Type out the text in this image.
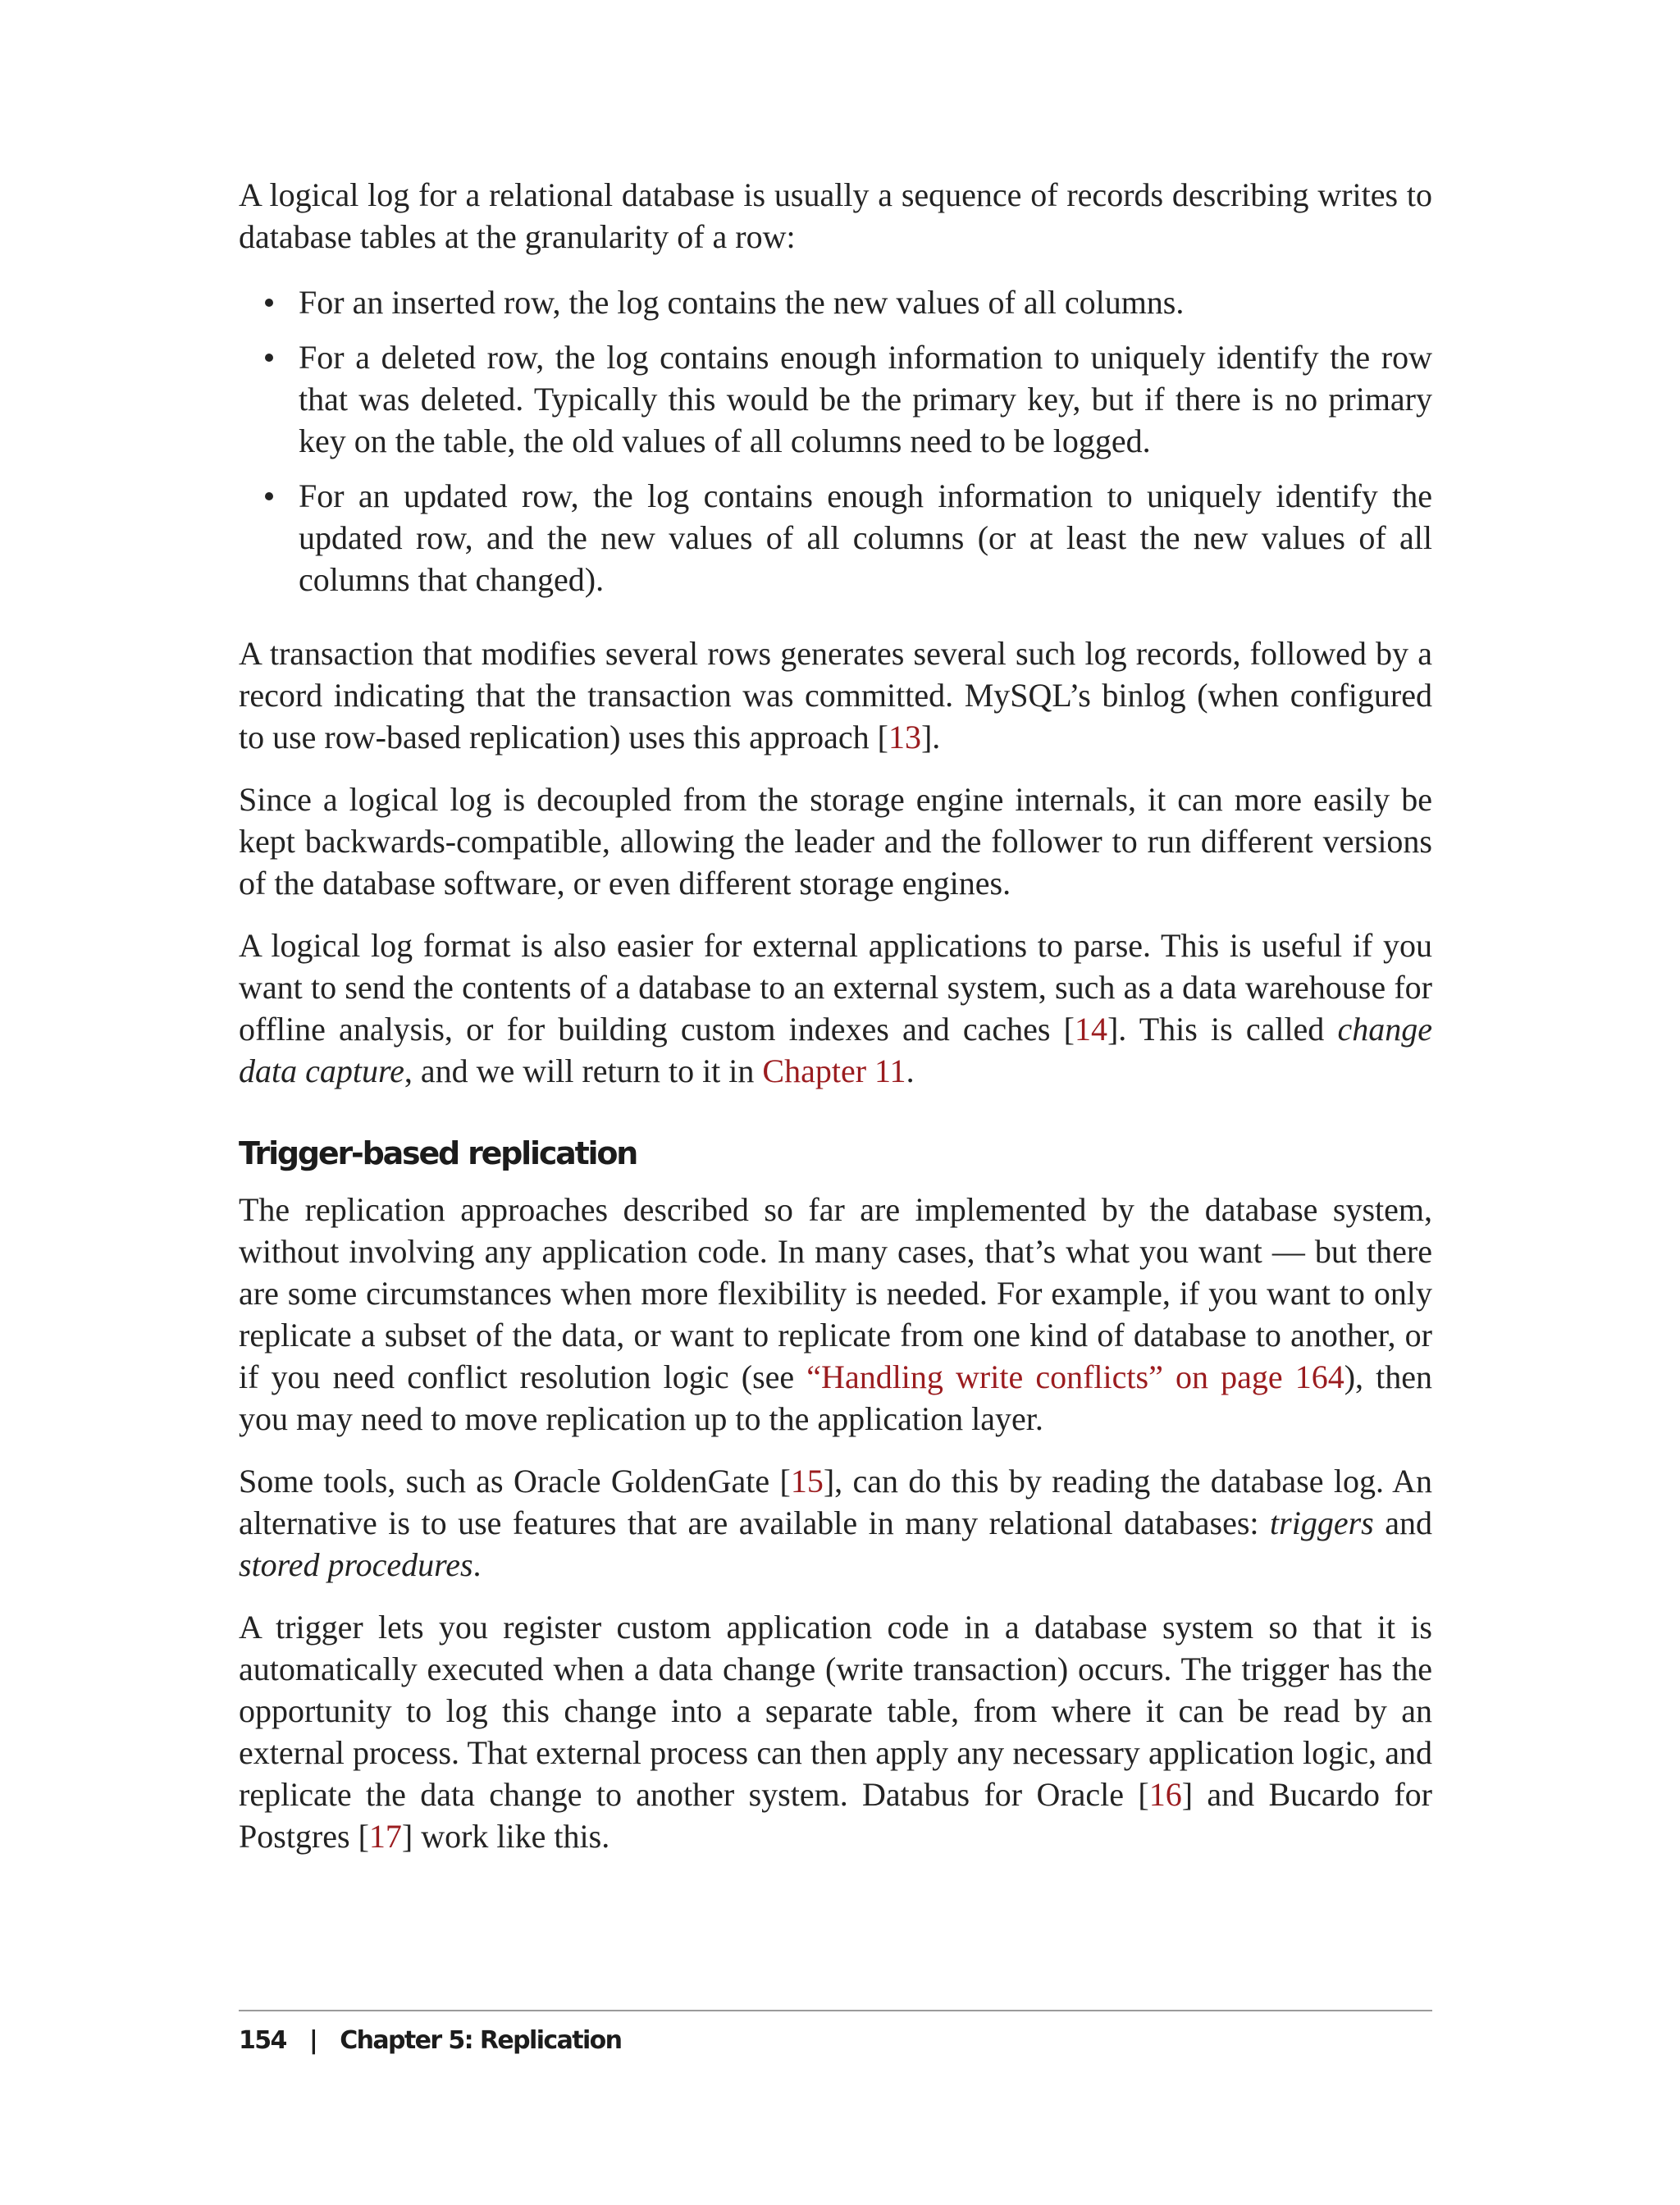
A logical log for a relational database is usually a sequence of records describing writes to database tables at the granularity of a row:

For an inserted row, the log contains the new values of all columns.
For a deleted row, the log contains enough information to uniquely identify the row that was deleted. Typically this would be the primary key, but if there is no primary key on the table, the old values of all columns need to be logged.
For an updated row, the log contains enough information to uniquely identify the updated row, and the new values of all columns (or at least the new values of all columns that changed).

A transaction that modifies several rows generates several such log records, followed by a record indicating that the transaction was committed. MySQL’s binlog (when configured to use row-based replication) uses this approach [13].

Since a logical log is decoupled from the storage engine internals, it can more easily be kept backwards-compatible, allowing the leader and the follower to run different versions of the database software, or even different storage engines.

A logical log format is also easier for external applications to parse. This is useful if you want to send the contents of a database to an external system, such as a data warehouse for offline analysis, or for building custom indexes and caches [14]. This is called change data capture, and we will return to it in Chapter 11.

Trigger-based replication

The replication approaches described so far are implemented by the database system, without involving any application code. In many cases, that’s what you want — but there are some circumstances when more flexibility is needed. For example, if you want to only replicate a subset of the data, or want to replicate from one kind of database to another, or if you need conflict resolution logic (see “Handling write conflicts” on page 164), then you may need to move replication up to the application layer.

Some tools, such as Oracle GoldenGate [15], can do this by reading the database log. An alternative is to use features that are available in many relational databases: triggers and stored procedures.

A trigger lets you register custom application code in a database system so that it is automatically executed when a data change (write transaction) occurs. The trigger has the opportunity to log this change into a separate table, from where it can be read by an external process. That external process can then apply any necessary application logic, and replicate the data change to another system. Databus for Oracle [16] and Bucardo for Postgres [17] work like this.

154 | Chapter 5: Replication
